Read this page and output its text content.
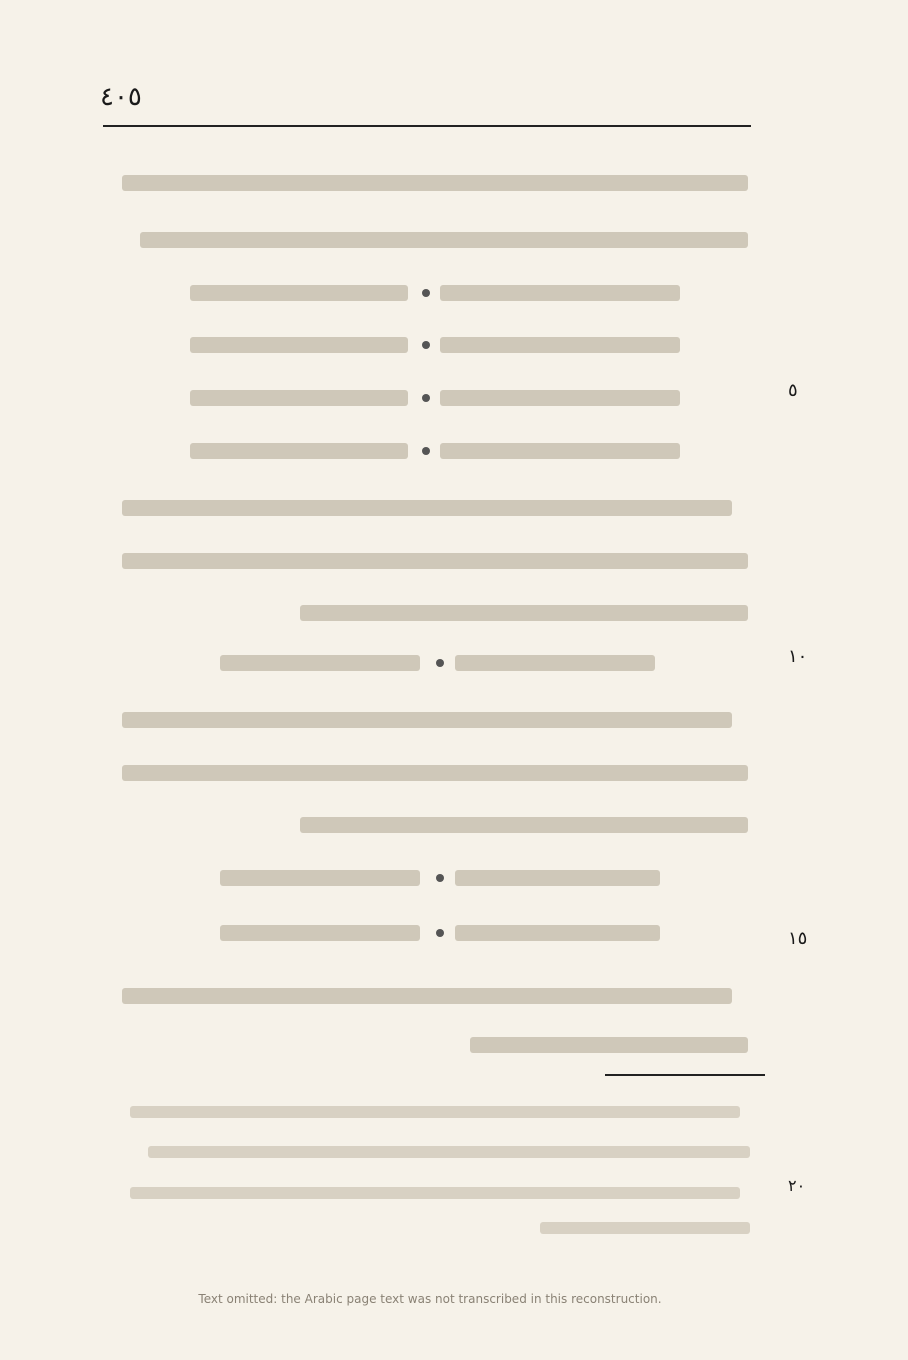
٤٠٥
٥
١٠
١٥
٢٠
Text omitted: the Arabic page text was not transcribed in this reconstruction.
